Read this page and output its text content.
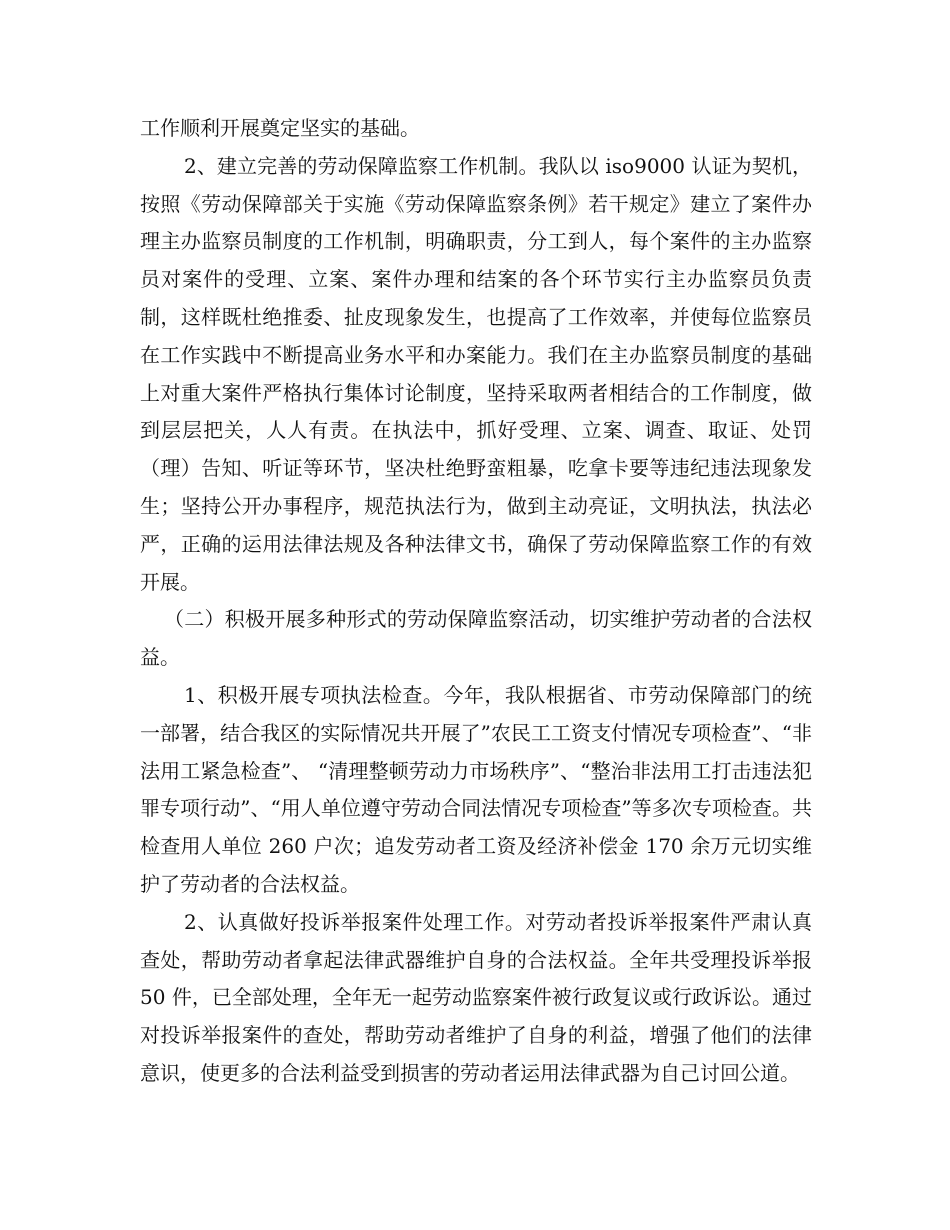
工作顺利开展奠定坚实的基础。

2、建立完善的劳动保障监察工作机制。我队以 iso9000 认证为契机，按照《劳动保障部关于实施《劳动保障监察条例》若干规定》建立了案件办理主办监察员制度的工作机制，明确职责，分工到人，每个案件的主办监察员对案件的受理、立案、案件办理和结案的各个环节实行主办监察员负责制，这样既杜绝推委、扯皮现象发生，也提高了工作效率，并使每位监察员在工作实践中不断提高业务水平和办案能力。我们在主办监察员制度的基础上对重大案件严格执行集体讨论制度，坚持采取两者相结合的工作制度，做到层层把关，人人有责。在执法中，抓好受理、立案、调查、取证、处罚（理）告知、听证等环节，坚决杜绝野蛮粗暴，吃拿卡要等违纪违法现象发生；坚持公开办事程序，规范执法行为，做到主动亮证，文明执法，执法必严，正确的运用法律法规及各种法律文书，确保了劳动保障监察工作的有效开展。

（二）积极开展多种形式的劳动保障监察活动，切实维护劳动者的合法权益。

1、积极开展专项执法检查。今年，我队根据省、市劳动保障部门的统一部署，结合我区的实际情况共开展了”农民工工资支付情况专项检查”、“非法用工紧急检查”、 “清理整顿劳动力市场秩序”、“整治非法用工打击违法犯罪专项行动”、“用人单位遵守劳动合同法情况专项检查”等多次专项检查。共检查用人单位 260 户次；追发劳动者工资及经济补偿金 170 余万元切实维护了劳动者的合法权益。

2、认真做好投诉举报案件处理工作。对劳动者投诉举报案件严肃认真查处，帮助劳动者拿起法律武器维护自身的合法权益。全年共受理投诉举报 50 件，已全部处理，全年无一起劳动监察案件被行政复议或行政诉讼。通过对投诉举报案件的查处，帮助劳动者维护了自身的利益，增强了他们的法律意识，使更多的合法利益受到损害的劳动者运用法律武器为自己讨回公道。
